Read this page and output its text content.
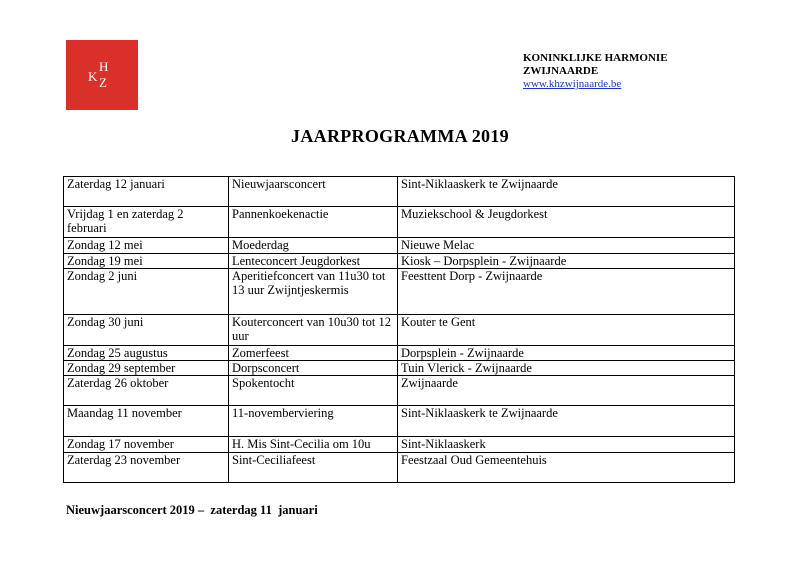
K
H
Z
KONINKLIJKE HARMONIE
ZWIJNAARDE
www.khzwijnaarde.be
JAARPROGRAMMA 2019
Zaterdag 12 januari	Nieuwjaarsconcert	Sint-Niklaaskerk te Zwijnaarde
Vrijdag 1 en zaterdag 2 februari	Pannenkoekenactie	Muziekschool & Jeugdorkest
Zondag 12 mei	Moederdag	Nieuwe Melac
Zondag 19 mei	Lenteconcert Jeugdorkest	Kiosk – Dorpsplein - Zwijnaarde
Zondag 2 juni	Aperitiefconcert van 11u30 tot 13 uur Zwijntjeskermis	Feesttent Dorp - Zwijnaarde
Zondag 30 juni	Kouterconcert van 10u30 tot 12 uur	Kouter te Gent
Zondag 25 augustus	Zomerfeest	Dorpsplein - Zwijnaarde
Zondag 29 september	Dorpsconcert	Tuin Vlerick - Zwijnaarde
Zaterdag 26 oktober	Spokentocht	Zwijnaarde
Maandag 11 november	11-novemberviering	Sint-Niklaaskerk te Zwijnaarde
Zondag 17 november	H. Mis Sint-Cecilia om 10u	Sint-Niklaaskerk
Zaterdag 23 november	Sint-Ceciliafeest	Feestzaal Oud Gemeentehuis
Nieuwjaarsconcert 2019 –  zaterdag 11  januari
